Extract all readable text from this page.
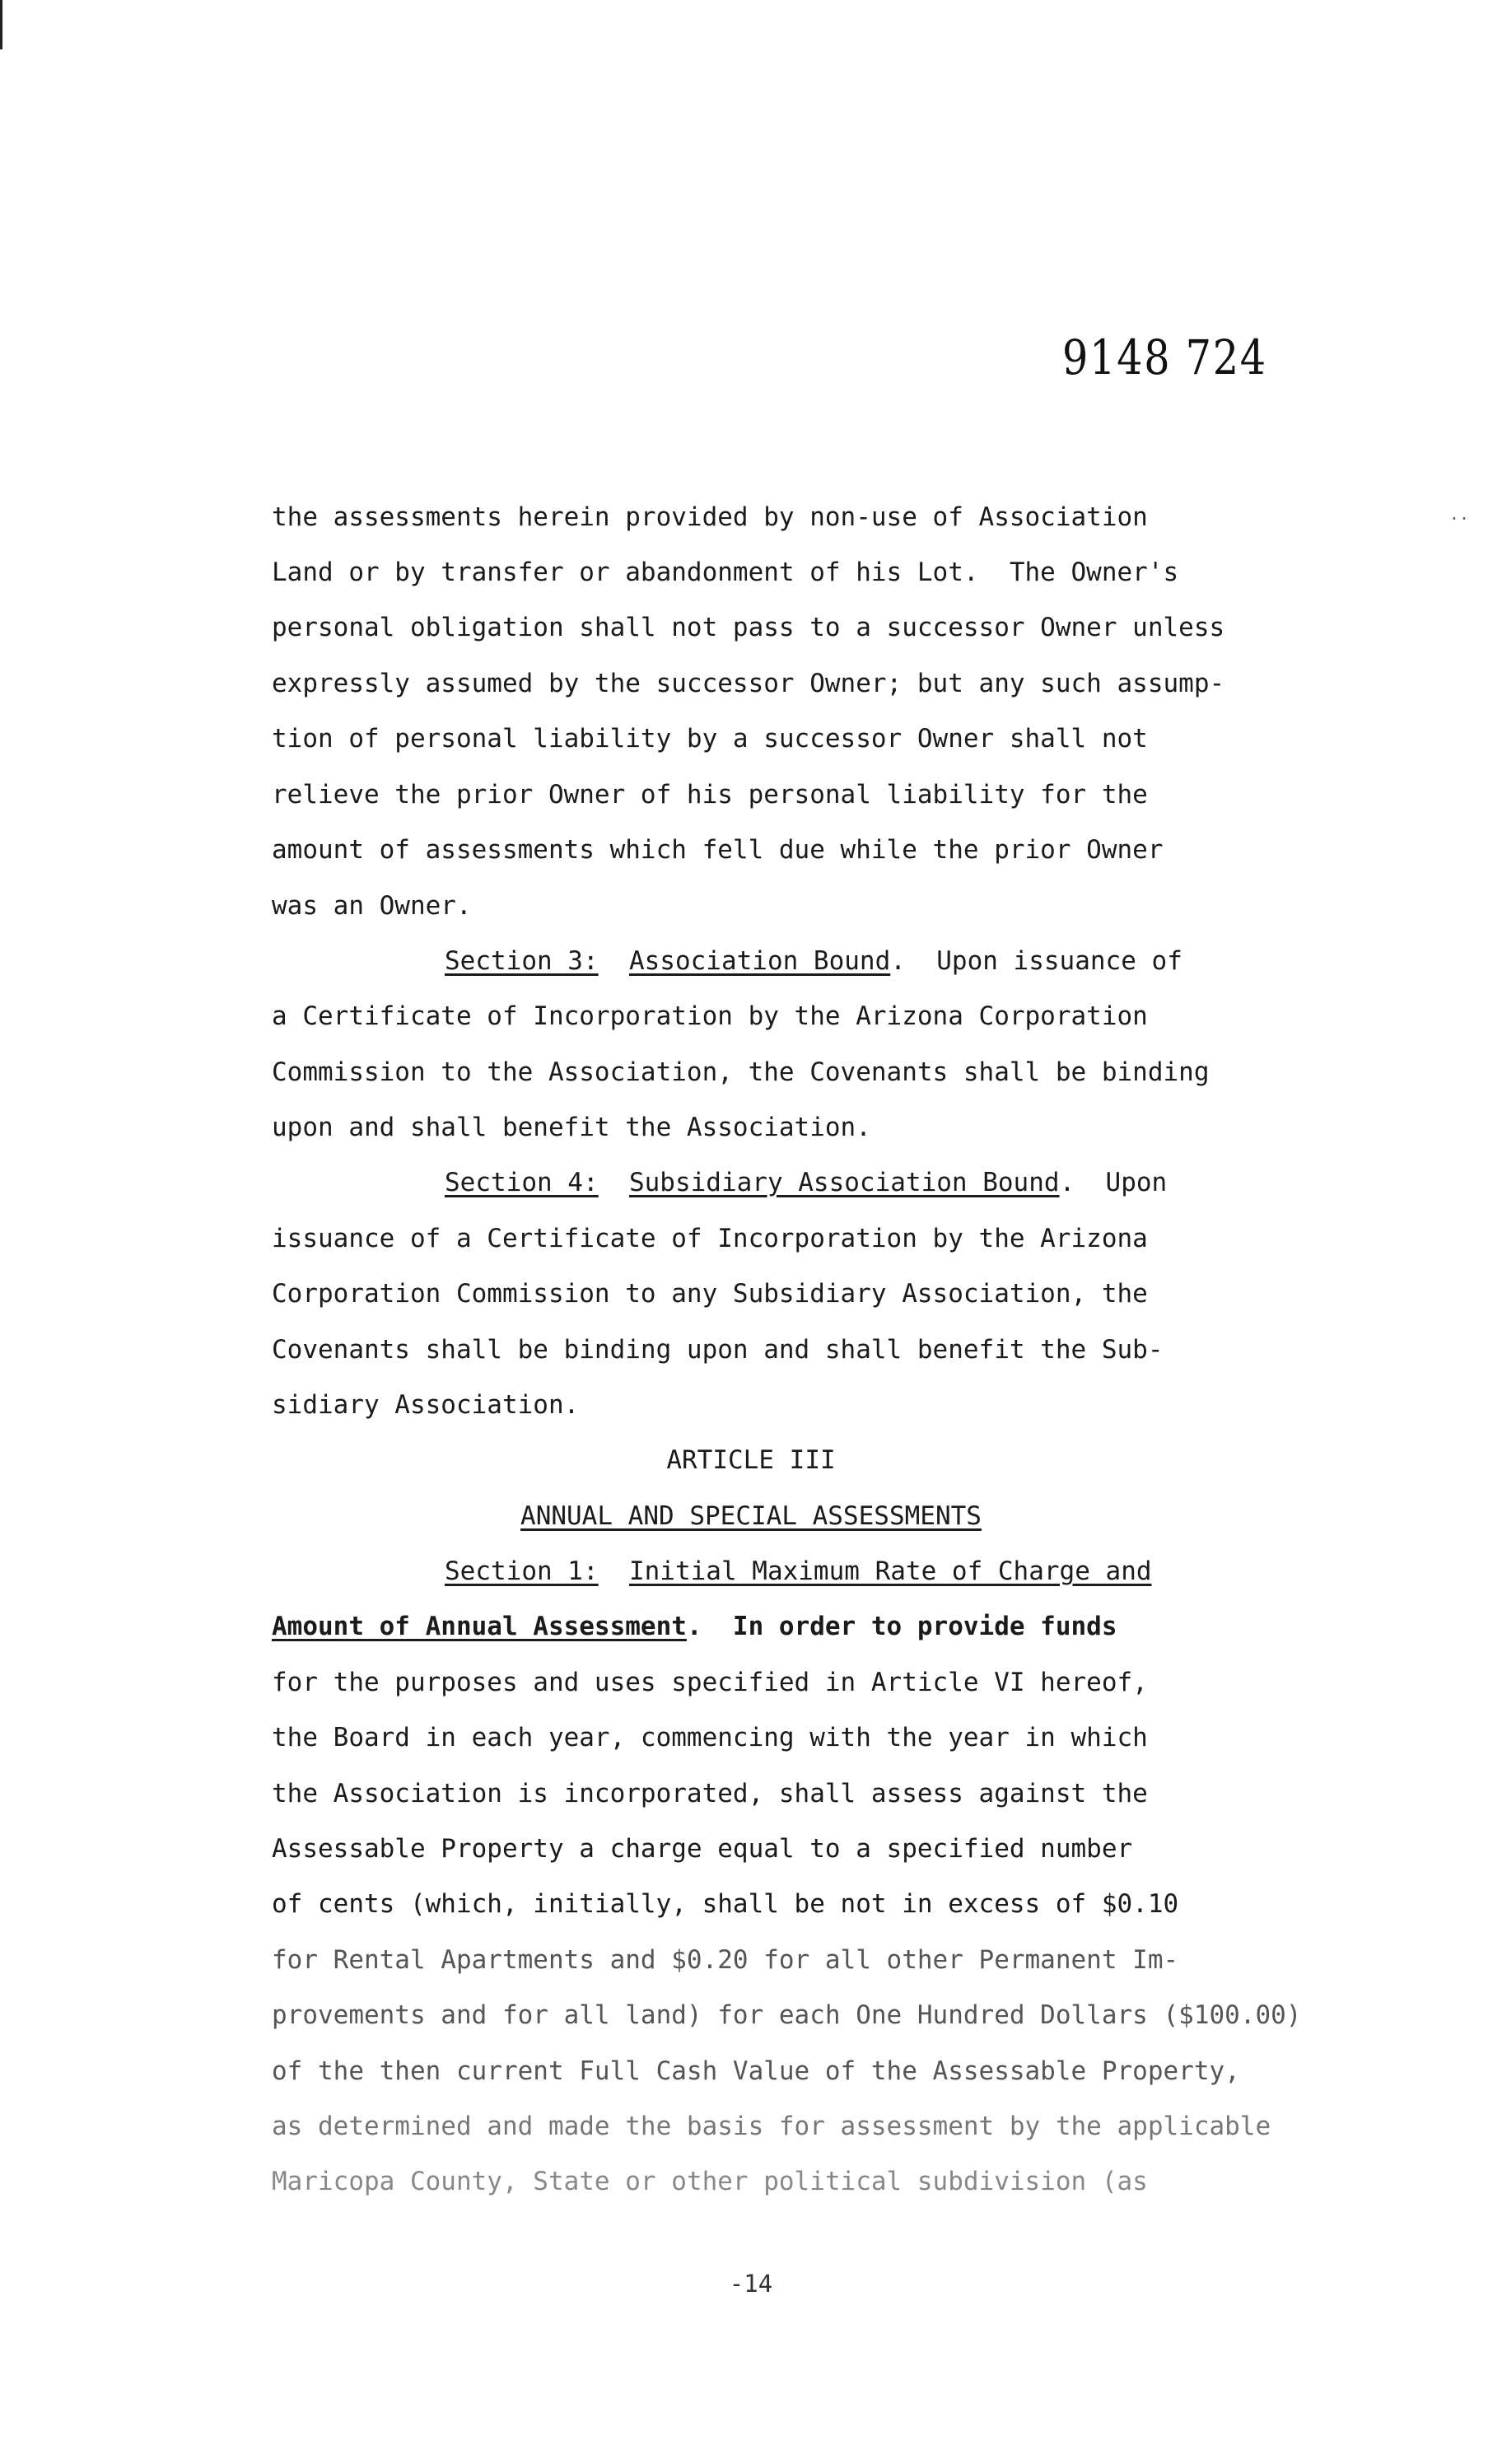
9148 724
..
the assessments herein provided by non-use of Association
Land or by transfer or abandonment of his Lot.  The Owner's
personal obligation shall not pass to a successor Owner unless
expressly assumed by the successor Owner; but any such assump-
tion of personal liability by a successor Owner shall not
relieve the prior Owner of his personal liability for the
amount of assessments which fell due while the prior Owner
was an Owner.
Section 3: Association Bound.  Upon issuance of
a Certificate of Incorporation by the Arizona Corporation
Commission to the Association, the Covenants shall be binding
upon and shall benefit the Association.
Section 4: Subsidiary Association Bound.  Upon
issuance of a Certificate of Incorporation by the Arizona
Corporation Commission to any Subsidiary Association, the
Covenants shall be binding upon and shall benefit the Sub-
sidiary Association.
ARTICLE III
ANNUAL AND SPECIAL ASSESSMENTS
Section 1: Initial Maximum Rate of Charge and
Amount of Annual Assessment.  In order to provide funds
for the purposes and uses specified in Article VI hereof,
the Board in each year, commencing with the year in which
the Association is incorporated, shall assess against the
Assessable Property a charge equal to a specified number
of cents (which, initially, shall be not in excess of $0.10
for Rental Apartments and $0.20 for all other Permanent Im-
provements and for all land) for each One Hundred Dollars ($100.00)
of the then current Full Cash Value of the Assessable Property,
as determined and made the basis for assessment by the applicable
Maricopa County, State or other political subdivision (as
-14
